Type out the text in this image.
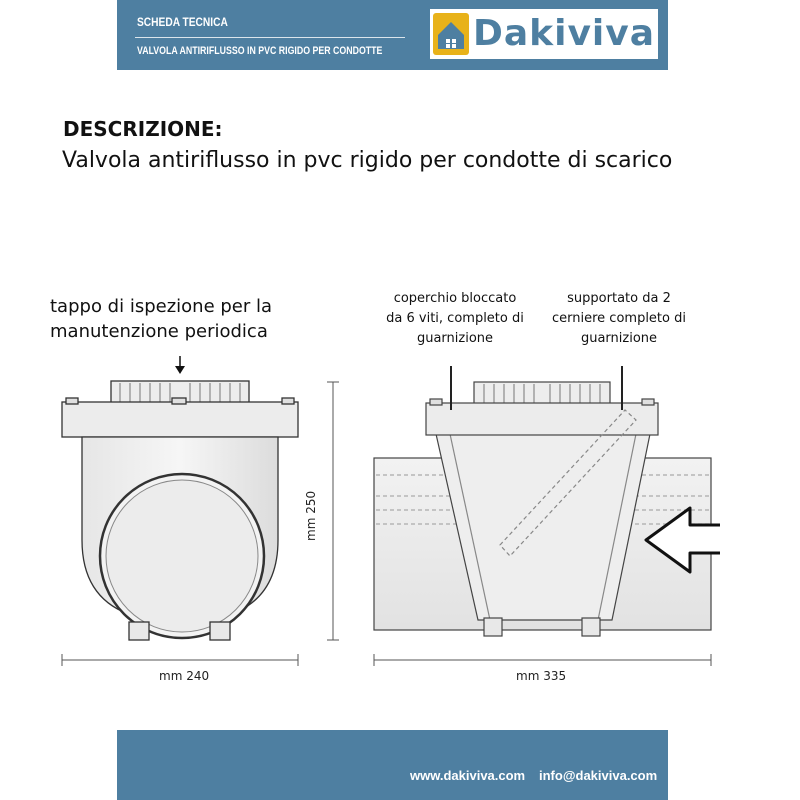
SCHEDA TECNICA
VALVOLA ANTIRIFLUSSO IN PVC RIGIDO PER CONDOTTE	Dakiviva
DESCRIZIONE:
Valvola antiriflusso in pvc rigido per condotte di scarico
tappo di ispezione per la
manutenzione periodica
coperchio bloccato
da 6 viti, completo di
guarnizione
supportato da 2
cerniere completo di
guarnizione
mm 240
mm 250
mm 335
www.dakiviva.com info@dakiviva.com
